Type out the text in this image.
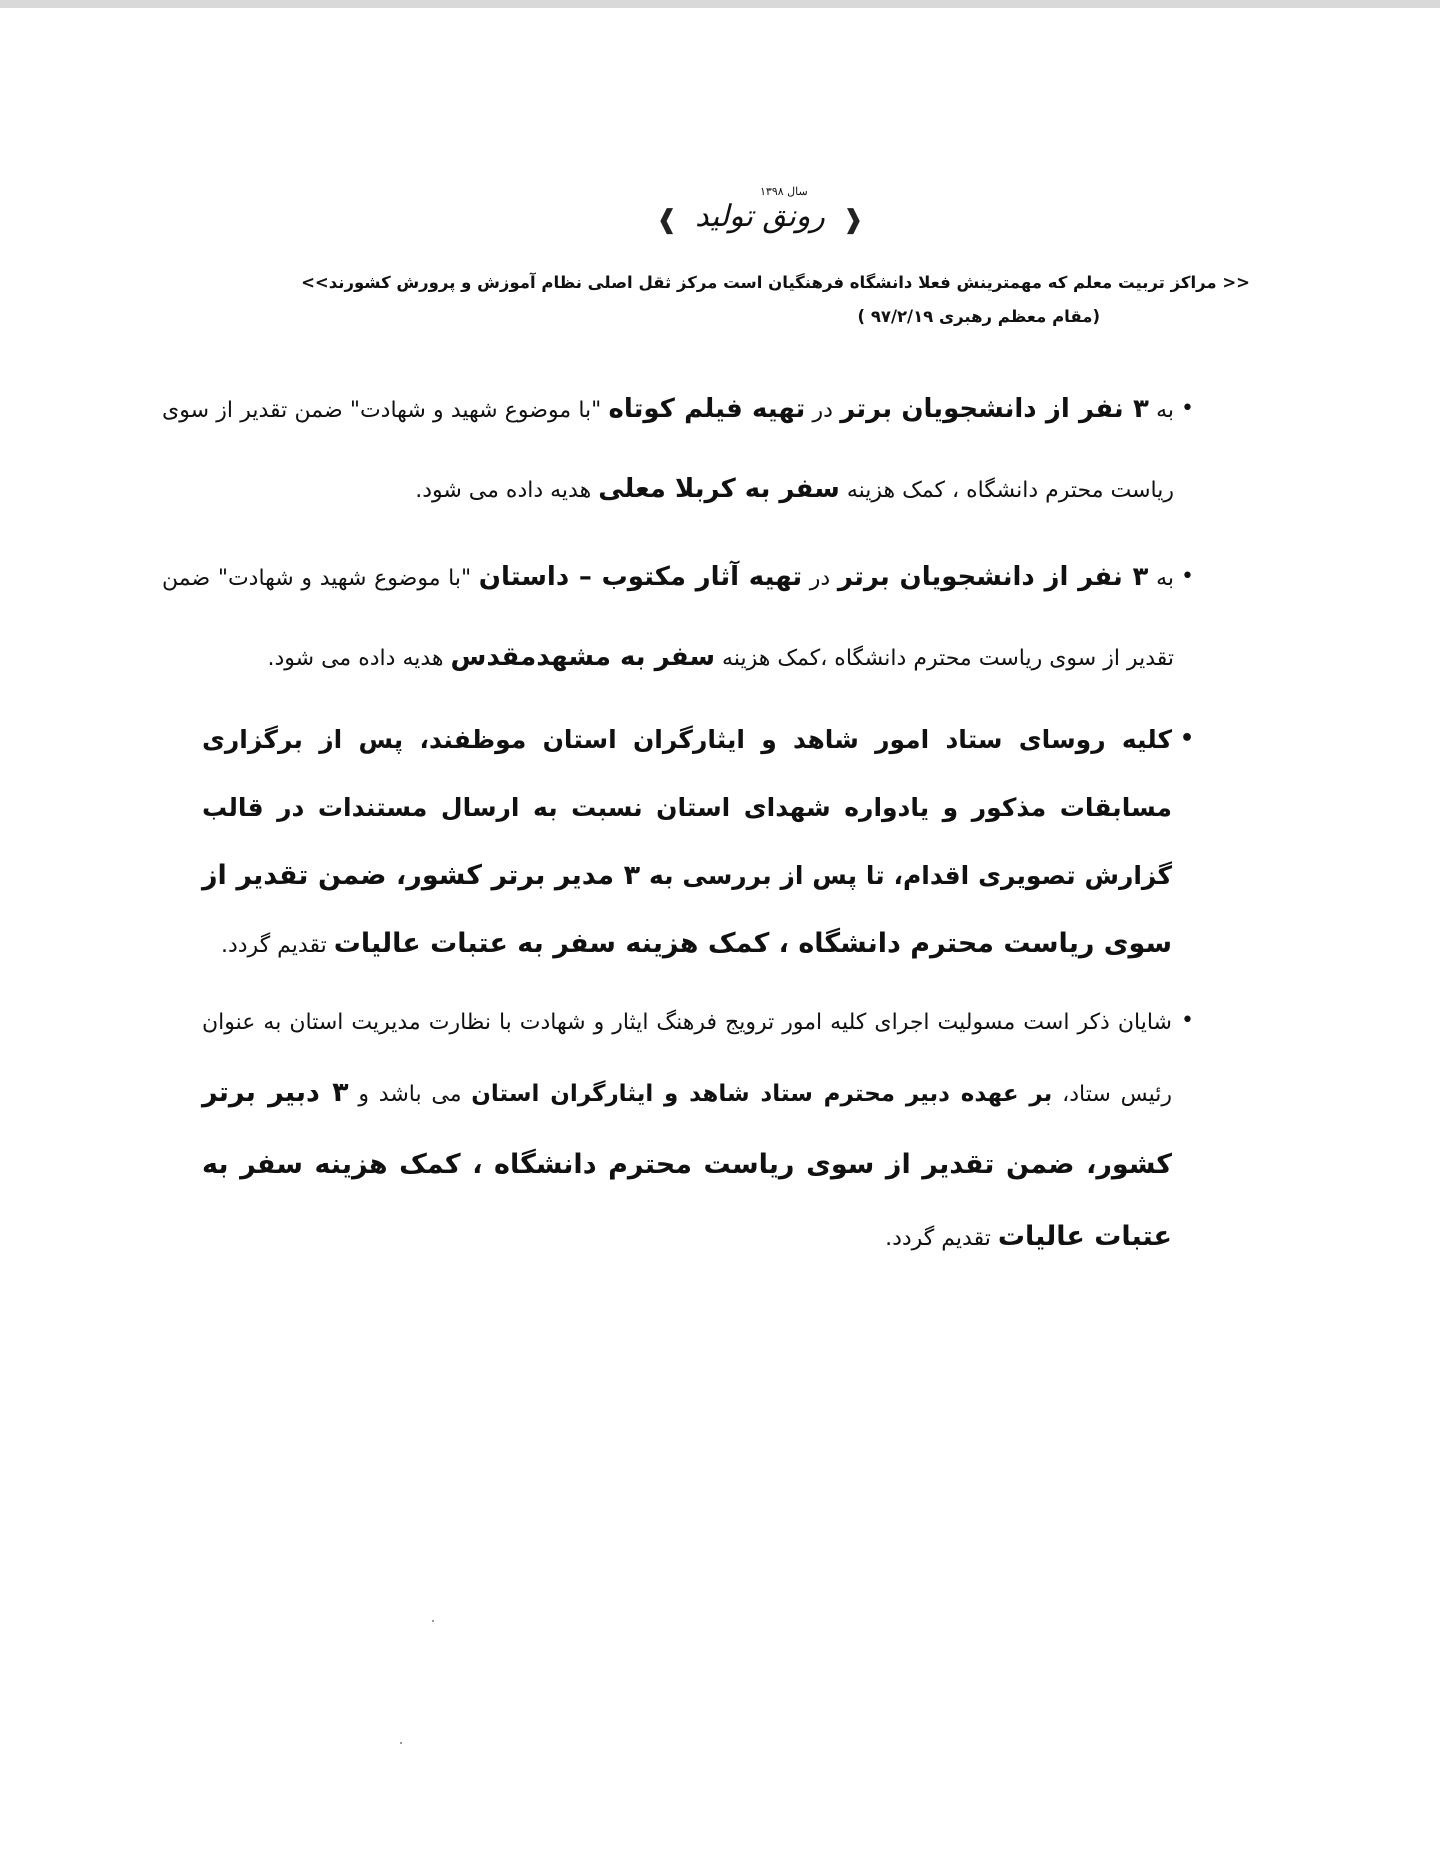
❰
سال ۱۳۹۸
رونق تولید
❱
<< مراکز تربیت معلم که مهمترینش فعلا دانشگاه فرهنگیان است مرکز ثقل اصلی نظام آموزش و پرورش کشورند>>
(مقام معظم رهبری ۹۷/۲/۱۹ )
•
به ۳ نفر از دانشجویان برتر در تهیه فیلم کوتاه "با موضوع شهید و شهادت" ضمن تقدیر از سوی ریاست محترم دانشگاه ، کمک هزینه سفر به کربلا معلی هدیه داده می شود.
•
به ۳ نفر از دانشجویان برتر در تهیه آثار مکتوب – داستان "با موضوع شهید و شهادت" ضمن تقدیر از سوی ریاست محترم دانشگاه ،کمک هزینه سفر به مشهدمقدس هدیه داده می شود.
•
کلیه روسای ستاد امور شاهد و ایثارگران استان موظفند، پس از برگزاری مسابقات مذکور و یادواره شهدای استان نسبت به ارسال مستندات در قالب گزارش تصویری اقدام، تا پس از بررسی به ۳ مدیر برتر کشور، ضمن تقدیر از سوی ریاست محترم دانشگاه ، کمک هزینه سفر به عتبات عالیات تقدیم گردد.
•
شایان ذکر است مسولیت اجرای کلیه امور ترویج فرهنگ ایثار و شهادت با نظارت مدیریت استان به عنوان رئیس ستاد، بر عهده دبیر محترم ستاد شاهد و ایثارگران استان می باشد و ۳ دبیر برتر کشور، ضمن تقدیر از سوی ریاست محترم دانشگاه ، کمک هزینه سفر به عتبات عالیات تقدیم گردد.
